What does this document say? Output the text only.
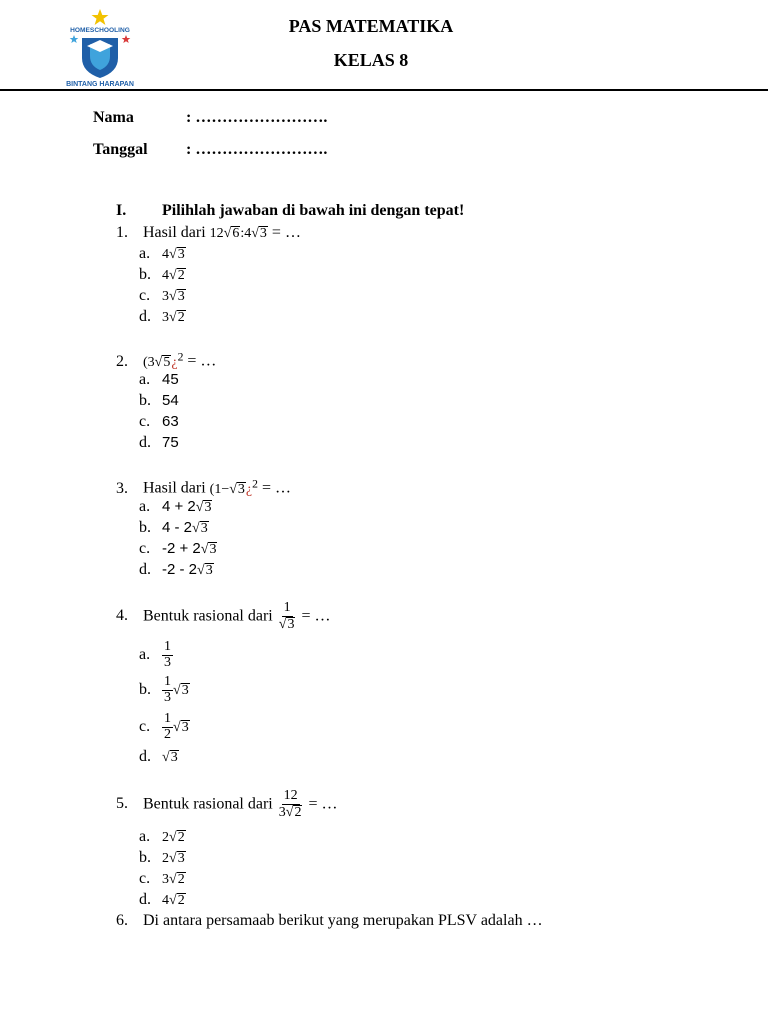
HOMESCHOOLING
BINTANG HARAPAN
PAS MATEMATIKA
KELAS 8
Nama	: …………………….
Tanggal : …………………….
I. Pilihlah jawaban di bawah ini dengan tepat!
1. Hasil dari 12√6:4√3 = …
a. 4√3
b. 4√2
c. 3√3
d. 3√2
2. (3√5¿$^2$ = …
a. 45
b. 54
c. 63
d. 75
3. Hasil dari (1−√3¿$^2$ = …
a. 4 + 2√3
b. 4 - 2√3
c. -2 + 2√3
d. -2 - 2√3
4. Bentuk rasional dari $\frac{1}{√3}$ = …
a. $\frac{1}{3}$
b. $\frac{1}{3} √3$
c. $\frac{1}{2} √3$
d. √3
5. Bentuk rasional dari $\frac{12}{3√2}$ = …
a. 2√2
b. 2√3
c. 3√2
d. 4√2
6. Di antara persamaab berikut yang merupakan PLSV adalah …
